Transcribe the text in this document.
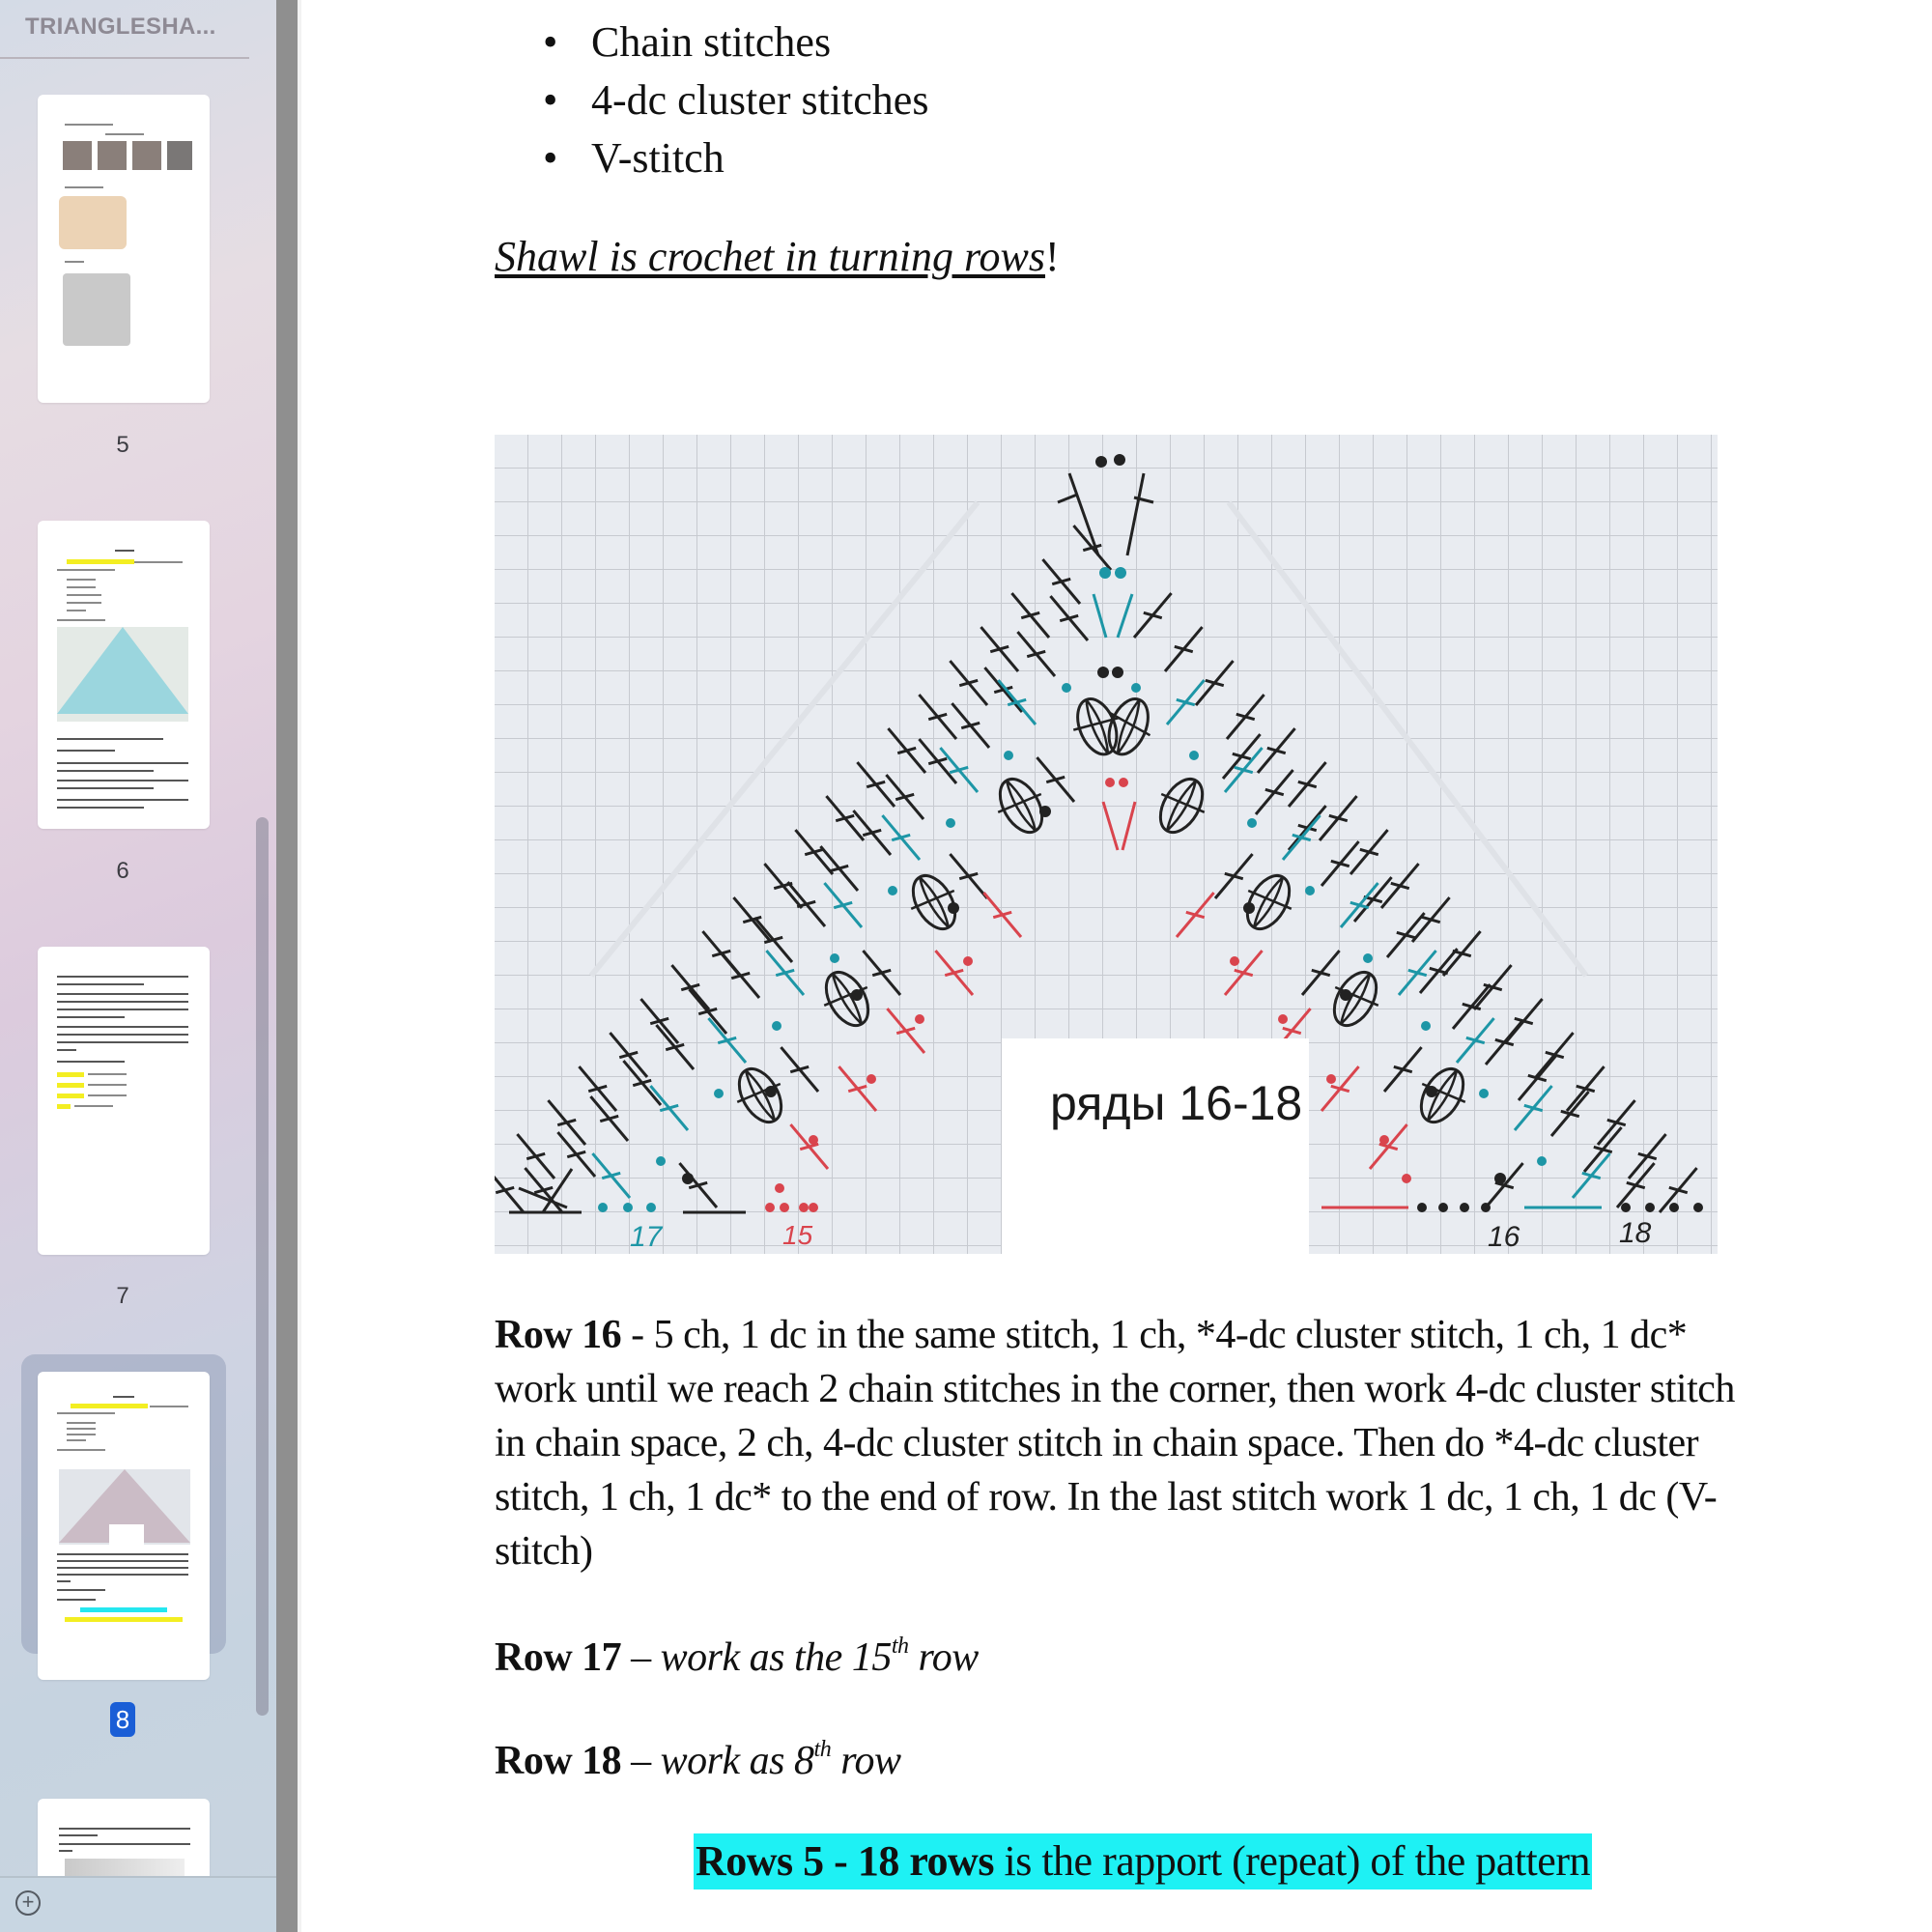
TRIANGLESHA...
5
6
7
8
+
• Chain stitches
• 4-dc cluster stitches
• V-stitch
Shawl is crochet in turning rows!
17	15	16	18
ряды 16-18
Row 16 - 5 ch, 1 dc in the same stitch, 1 ch, *4-dc cluster stitch, 1 ch, 1 dc* work until we reach 2 chain stitches in the corner, then work 4-dc cluster stitch in chain space, 2 ch, 4-dc cluster stitch in chain space. Then do *4-dc cluster stitch, 1 ch, 1 dc* to the end of row. In the last stitch work 1 dc, 1 ch, 1 dc (V-stitch)
Row 17 – work as the 15th row
Row 18 – work as 8th row
Rows 5 - 18 rows is the rapport (repeat) of the pattern
